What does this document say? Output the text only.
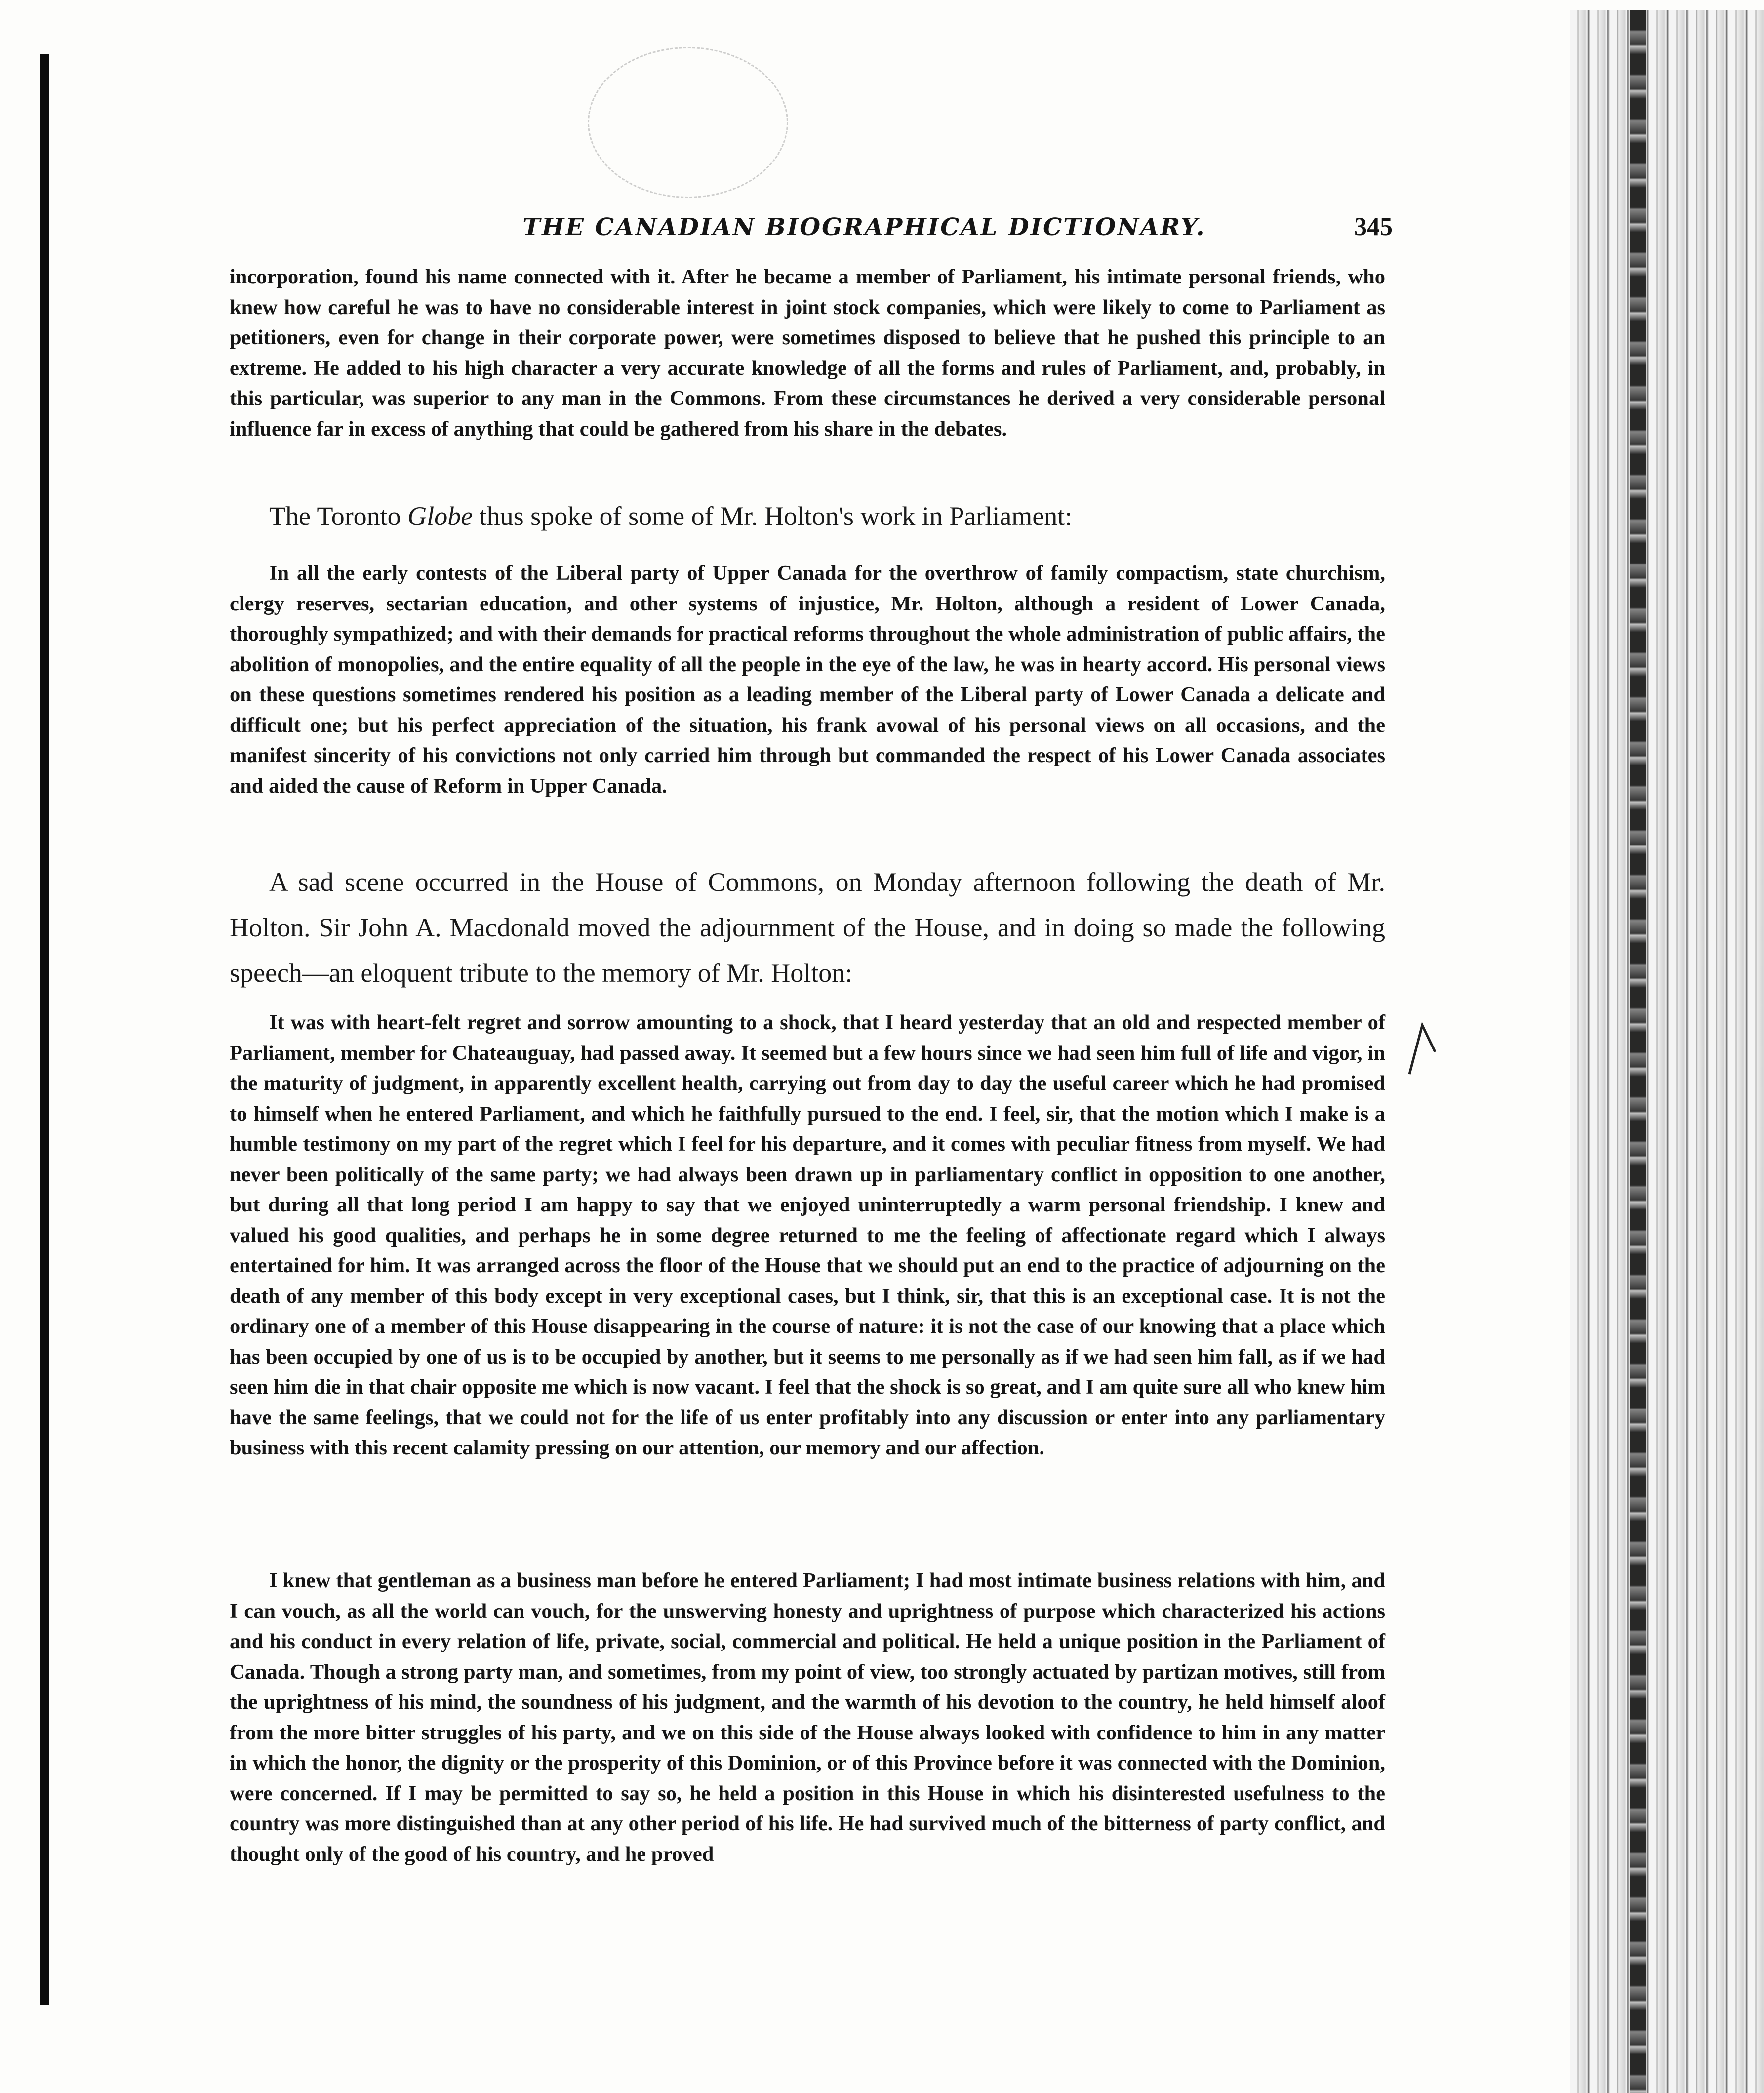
THE CANADIAN BIOGRAPHICAL DICTIONARY.	345

incorporation, found his name connected with it. After he became a member of Parliament, his intimate personal friends, who knew how careful he was to have no considerable interest in joint stock companies, which were likely to come to Parliament as petitioners, even for change in their corporate power, were sometimes disposed to believe that he pushed this principle to an extreme. He added to his high character a very accurate knowledge of all the forms and rules of Parliament, and, probably, in this particular, was superior to any man in the Commons. From these circumstances he derived a very considerable personal influence far in excess of anything that could be gathered from his share in the debates.

The Toronto Globe thus spoke of some of Mr. Holton's work in Parliament:

In all the early contests of the Liberal party of Upper Canada for the overthrow of family compactism, state churchism, clergy reserves, sectarian education, and other systems of injustice, Mr. Holton, although a resident of Lower Canada, thoroughly sympathized; and with their demands for practical reforms throughout the whole administration of public affairs, the abolition of monopolies, and the entire equality of all the people in the eye of the law, he was in hearty accord. His personal views on these questions sometimes rendered his position as a leading member of the Liberal party of Lower Canada a delicate and difficult one; but his perfect appreciation of the situation, his frank avowal of his personal views on all occasions, and the manifest sincerity of his convictions not only carried him through but commanded the respect of his Lower Canada associates and aided the cause of Reform in Upper Canada.

A sad scene occurred in the House of Commons, on Monday afternoon following the death of Mr. Holton. Sir John A. Macdonald moved the adjournment of the House, and in doing so made the following speech—an eloquent tribute to the memory of Mr. Holton:

It was with heart-felt regret and sorrow amounting to a shock, that I heard yesterday that an old and respected member of Parliament, member for Chateauguay, had passed away. It seemed but a few hours since we had seen him full of life and vigor, in the maturity of judgment, in apparently excellent health, carrying out from day to day the useful career which he had promised to himself when he entered Parliament, and which he faithfully pursued to the end. I feel, sir, that the motion which I make is a humble testimony on my part of the regret which I feel for his departure, and it comes with peculiar fitness from myself. We had never been politically of the same party; we had always been drawn up in parliamentary conflict in opposition to one another, but during all that long period I am happy to say that we enjoyed uninterruptedly a warm personal friendship. I knew and valued his good qualities, and perhaps he in some degree returned to me the feeling of affectionate regard which I always entertained for him. It was arranged across the floor of the House that we should put an end to the practice of adjourning on the death of any member of this body except in very exceptional cases, but I think, sir, that this is an exceptional case. It is not the ordinary one of a member of this House disappearing in the course of nature: it is not the case of our knowing that a place which has been occupied by one of us is to be occupied by another, but it seems to me personally as if we had seen him fall, as if we had seen him die in that chair opposite me which is now vacant. I feel that the shock is so great, and I am quite sure all who knew him have the same feelings, that we could not for the life of us enter profitably into any discussion or enter into any parliamentary business with this recent calamity pressing on our attention, our memory and our affection.

I knew that gentleman as a business man before he entered Parliament; I had most intimate business relations with him, and I can vouch, as all the world can vouch, for the unswerving honesty and uprightness of purpose which characterized his actions and his conduct in every relation of life, private, social, commercial and political. He held a unique position in the Parliament of Canada. Though a strong party man, and sometimes, from my point of view, too strongly actuated by partizan motives, still from the uprightness of his mind, the soundness of his judgment, and the warmth of his devotion to the country, he held himself aloof from the more bitter struggles of his party, and we on this side of the House always looked with confidence to him in any matter in which the honor, the dignity or the prosperity of this Dominion, or of this Province before it was connected with the Dominion, were concerned. If I may be permitted to say so, he held a position in this House in which his disinterested usefulness to the country was more distinguished than at any other period of his life. He had survived much of the bitterness of party conflict, and thought only of the good of his country, and he proved
